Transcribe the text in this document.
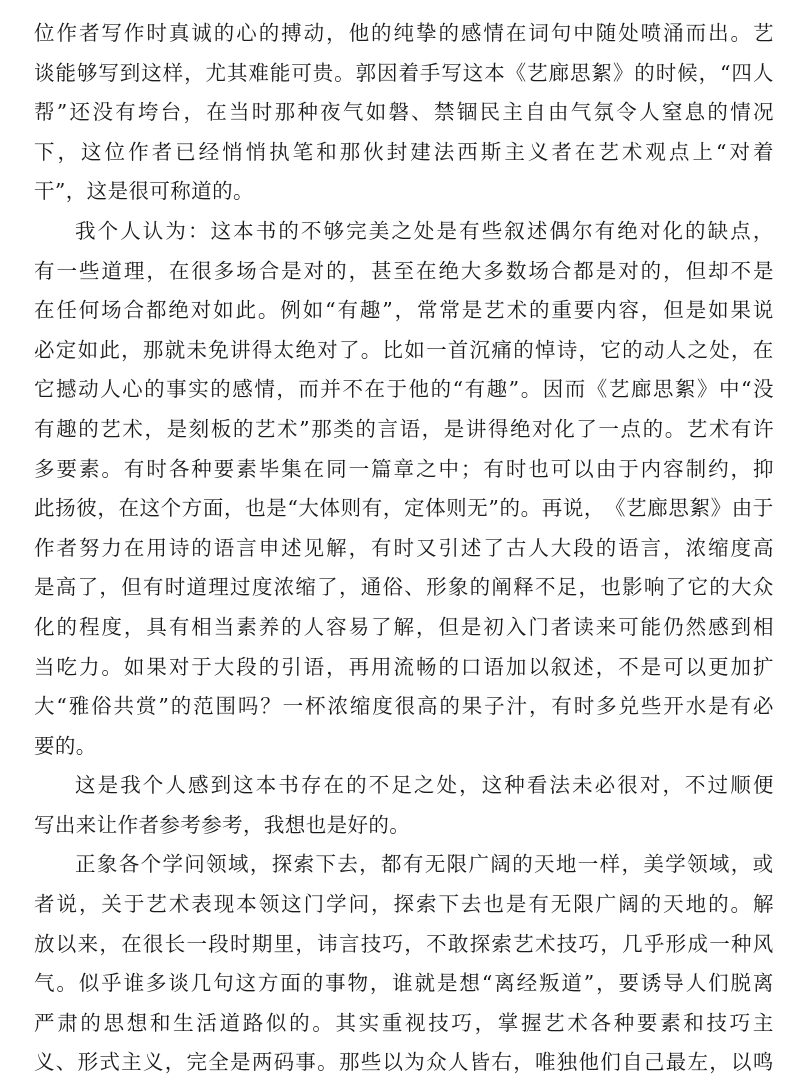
位 作 者 写 作 时 真 诚 的 心 的 搏 动 ， 他 的 纯 挚 的 感 情 在 词 句 中 随 处 喷 涌 而 出 。 艺
谈 能 够 写 到 这 样 ， 尤 其 难 能 可 贵 。 郭 因 着 手 写 这 本 《 艺 廊 思 絮 》 的 时 候 ， “ 四 人
帮 ” 还 没 有 垮 台 ， 在 当 时 那 种 夜 气 如 磐 、 禁 锢 民 主 自 由 气 氛 令 人 窒 息 的 情 况
下 ， 这 位 作 者 已 经 悄 悄 执 笔 和 那 伙 封 建 法 西 斯 主 义 者 在 艺 术 观 点 上 “ 对 着
干”，这是很可称道的。
我 个 人 认 为 ： 这 本 书 的 不 够 完 美 之 处 是 有 些 叙 述 偶 尔 有 绝 对 化 的 缺 点 ，
有 一 些 道 理 ， 在 很 多 场 合 是 对 的 ， 甚 至 在 绝 大 多 数 场 合 都 是 对 的 ， 但 却 不 是
在 任 何 场 合 都 绝 对 如 此 。 例 如 “ 有 趣 ” ， 常 常 是 艺 术 的 重 要 内 容 ， 但 是 如 果 说
必 定 如 此 ， 那 就 未 免 讲 得 太 绝 对 了 。 比 如 一 首 沉 痛 的 悼 诗 ， 它 的 动 人 之 处 ， 在
它 撼 动 人 心 的 事 实 的 感 情 ， 而 并 不 在 于 他 的 “ 有 趣 ” 。 因 而 《 艺 廊 思 絮 》 中 “ 没
有 趣 的 艺 术 ， 是 刻 板 的 艺 术 ” 那 类 的 言 语 ， 是 讲 得 绝 对 化 了 一 点 的 。 艺 术 有 许
多 要 素 。 有 时 各 种 要 素 毕 集 在 同 一 篇 章 之 中 ； 有 时 也 可 以 由 于 内 容 制 约 ， 抑
此 扬 彼 ， 在 这 个 方 面 ， 也 是 “ 大 体 则 有 ， 定 体 则 无 ” 的 。 再 说 ， 《 艺 廊 思 絮 》 由 于
作 者 努 力 在 用 诗 的 语 言 申 述 见 解 ， 有 时 又 引 述 了 古 人 大 段 的 语 言 ， 浓 缩 度 高
是 高 了 ， 但 有 时 道 理 过 度 浓 缩 了 ， 通 俗 、 形 象 的 阐 释 不 足 ， 也 影 响 了 它 的 大 众
化 的 程 度 ， 具 有 相 当 素 养 的 人 容 易 了 解 ， 但 是 初 入 门 者 读 来 可 能 仍 然 感 到 相
当 吃 力 。 如 果 对 于 大 段 的 引 语 ， 再 用 流 畅 的 口 语 加 以 叙 述 ， 不 是 可 以 更 加 扩
大 “ 雅 俗 共 赏 ” 的 范 围 吗 ？ 一 杯 浓 缩 度 很 高 的 果 子 汁 ， 有 时 多 兑 些 开 水 是 有 必
要的。
这 是 我 个 人 感 到 这 本 书 存 在 的 不 足 之 处 ， 这 种 看 法 未 必 很 对 ， 不 过 顺 便
写出来让作者参考参考，我想也是好的。
正 象 各 个 学 问 领 域 ， 探 索 下 去 ， 都 有 无 限 广 阔 的 天 地 一 样 ， 美 学 领 域 ， 或
者 说 ， 关 于 艺 术 表 现 本 领 这 门 学 问 ， 探 索 下 去 也 是 有 无 限 广 阔 的 天 地 的 。 解
放 以 来 ， 在 很 长 一 段 时 期 里 ， 讳 言 技 巧 ， 不 敢 探 索 艺 术 技 巧 ， 几 乎 形 成 一 种 风
气 。 似 乎 谁 多 谈 几 句 这 方 面 的 事 物 ， 谁 就 是 想 “ 离 经 叛 道 ” ， 要 诱 导 人 们 脱 离
严 肃 的 思 想 和 生 活 道 路 似 的 。 其 实 重 视 技 巧 ， 掌 握 艺 术 各 种 要 素 和 技 巧 主
义 、 形 式 主 义 ， 完 全 是 两 码 事 。 那 些 以 为 众 人 皆 右 ， 唯 独 他 们 自 己 最 左 ， 以 鸣
